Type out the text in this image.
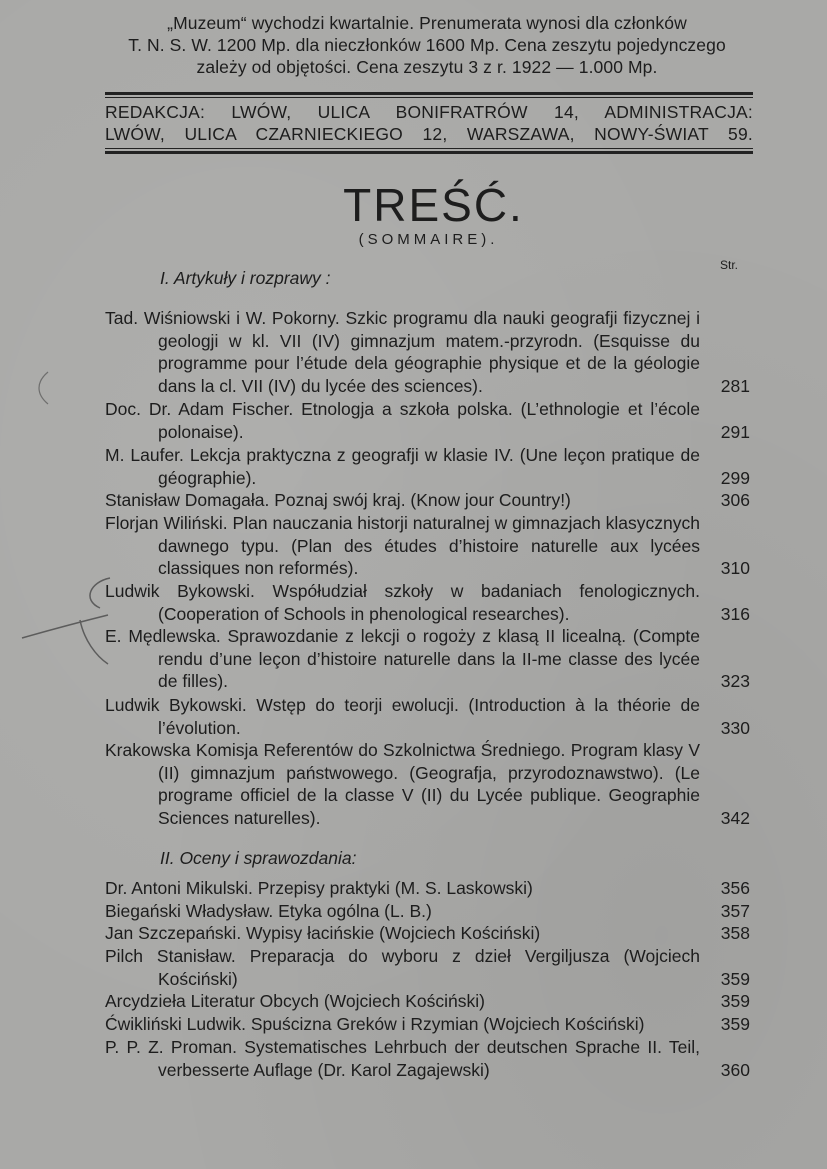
„Muzeum“ wychodzi kwartalnie. Prenumerata wynosi dla członków
T. N. S. W. 1200 Mp. dla nieczłonków 1600 Mp. Cena zeszytu pojedynczego
zależy od objętości. Cena zeszytu 3 z r. 1922 — 1.000 Mp.
REDAKCJA: LWÓW, ULICA BONIFRATRÓW 14, ADMINISTRACJA:
LWÓW, ULICA CZARNIECKIEGO 12, WARSZAWA, NOWY-ŚWIAT 59.
TREŚĆ.
(SOMMAIRE).
Str.
I. Artykuły i rozprawy :
Tad. Wiśniowski i W. Pokorny. Szkic programu dla nauki geografji fizycznej i geologji w kl. VII (IV) gimnazjum matem.-przyrodn. (Esquisse du programme pour l’étude dela géographie physique et de la géologie dans la cl. VII (IV) du lycée des sciences).	281
Doc. Dr. Adam Fischer. Etnologja a szkoła polska. (L’ethnologie et l’école polonaise).	291
M. Laufer. Lekcja praktyczna z geografji w klasie IV. (Une leçon pratique de géographie).	299
Stanisław Domagała. Poznaj swój kraj. (Know jour Country!)	306
Florjan Wiliński. Plan nauczania historji naturalnej w gimnazjach klasycznych dawnego typu. (Plan des études d’histoire naturelle aux lycées classiques non reformés).	310
Ludwik Bykowski. Współudział szkoły w badaniach fenologicznych. (Cooperation of Schools in phenological researches).	316
E. Mędlewska. Sprawozdanie z lekcji o rogoży z klasą II licealną. (Compte rendu d’une leçon d’histoire naturelle dans la II-me classe des lycée de filles).	323
Ludwik Bykowski. Wstęp do teorji ewolucji. (Introduction à la théorie de l’évolution.	330
Krakowska Komisja Referentów do Szkolnictwa Średniego. Program klasy V (II) gimnazjum państwowego. (Geografja, przyrodoznawstwo). (Le programe officiel de la classe V (II) du Lycée publique. Geographie Sciences naturelles).	342
II. Oceny i sprawozdania:
Dr. Antoni Mikulski. Przepisy praktyki (M. S. Laskowski)	356
Biegański Władysław. Etyka ogólna (L. B.)	357
Jan Szczepański. Wypisy łacińskie (Wojciech Kościński)	358
Pilch Stanisław. Preparacja do wyboru z dzieł Vergiljusza (Wojciech Kościński)	359
Arcydzieła Literatur Obcych (Wojciech Kościński)	359
Ćwikliński Ludwik. Spuścizna Greków i Rzymian (Wojciech Kościński)	359
P. P. Z. Proman. Systematisches Lehrbuch der deutschen Sprache II. Teil, verbesserte Auflage (Dr. Karol Zagajewski)	360
